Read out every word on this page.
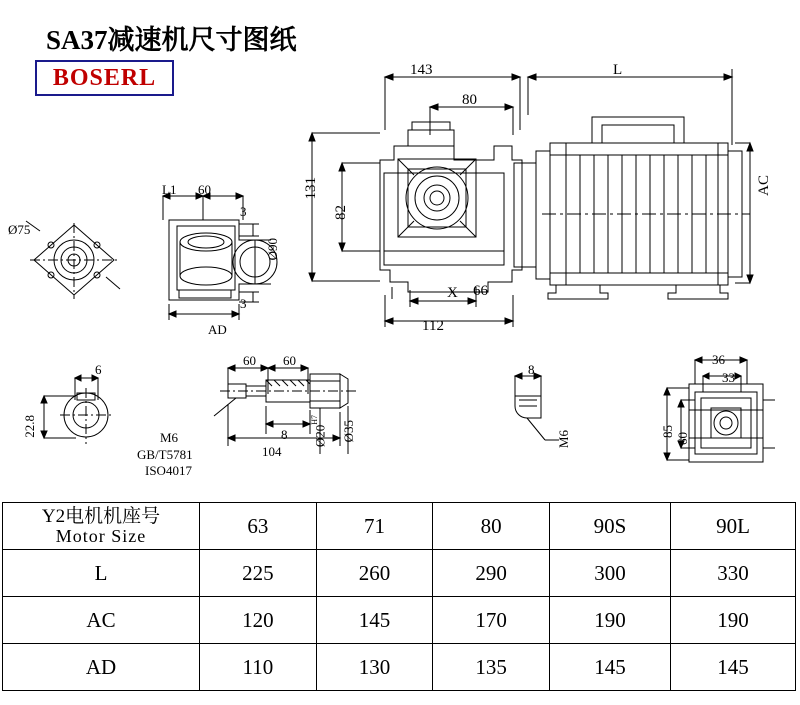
SA37减速机尺寸图纸
BOSERL	143	L
80
131
82
AC
X 66
112
L1 60
3
3
Ø90
AD
Ø75
6
22.8
60 60
8
104
$Ø20^{H7}$
Ø35
M6
GB/T5781
ISO4017
8
M6
36
33
85
60
Y2电机机座号
Motor Size	63	71	80	90S	90L
L	225	260	290	300	330
AC	120	145	170	190	190
AD	110	130	135	145	145
